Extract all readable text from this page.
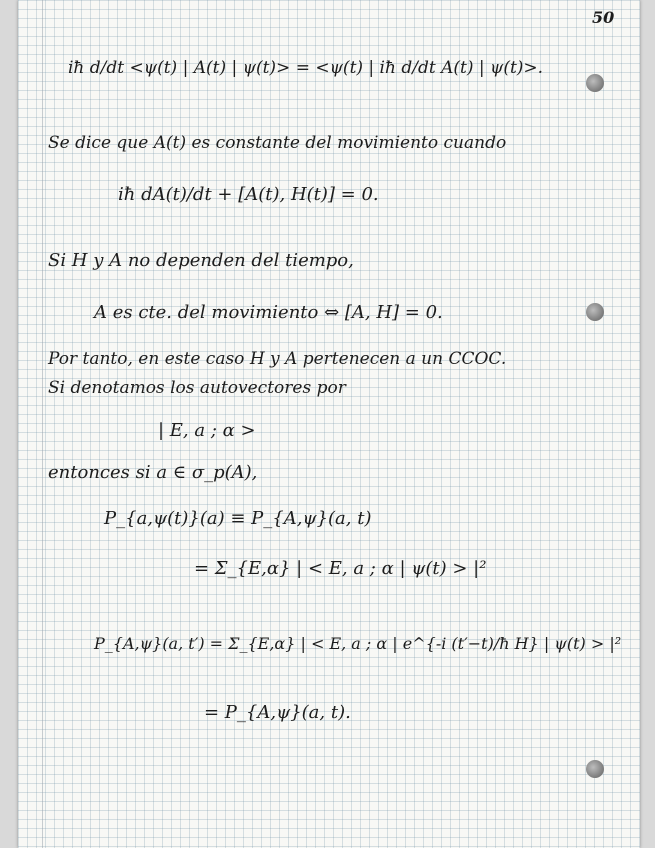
50
iħ d/dt <ψ(t) | A(t) | ψ(t)> = <ψ(t) | iħ d/dt A(t) | ψ(t)>.
Se dice que A(t) es constante del movimiento cuando
iħ dA(t)/dt + [A(t), H(t)] = 0.
Si H y A no dependen del tiempo,
A es cte. del movimiento ⇔ [A, H] = 0.
Por tanto, en este caso H y A pertenecen a un CCOC.
Si denotamos los autovectores por
| E, a ; α >
entonces si a ∈ σ_p(A),
P_{a,ψ(t)}(a) ≡ P_{A,ψ}(a, t)
= Σ_{E,α} | < E, a ; α | ψ(t) > |²
P_{A,ψ}(a, t′) = Σ_{E,α} | < E, a ; α | e^{-i (t′−t)/ħ H} | ψ(t) > |²
= P_{A,ψ}(a, t).
